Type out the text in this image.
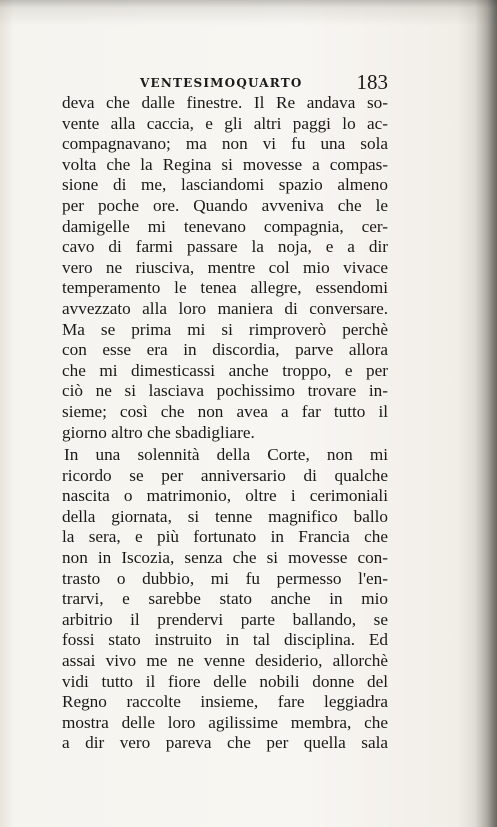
VENTESIMOQUARTO	183
deva che dalle finestre. Il Re andava so-
vente alla caccia, e gli altri paggi lo ac-
compagnavano; ma non vi fu una sola
volta che la Regina si movesse a compas-
sione di me, lasciandomi spazio almeno
per poche ore. Quando avveniva che le
damigelle mi tenevano compagnia, cer-
cavo di farmi passare la noja, e a dir
vero ne riusciva, mentre col mio vivace
temperamento le tenea allegre, essendomi
avvezzato alla loro maniera di conversare.
Ma se prima mi si rimproverò perchè
con esse era in discordia, parve allora
che mi dimesticassi anche troppo, e per
ciò ne si lasciava pochissimo trovare in-
sieme; così che non avea a far tutto il
giorno altro che sbadigliare.
In una solennità della Corte, non mi
ricordo se per anniversario di qualche
nascita o matrimonio, oltre i cerimoniali
della giornata, si tenne magnifico ballo
la sera, e più fortunato in Francia che
non in Iscozia, senza che si movesse con-
trasto o dubbio, mi fu permesso l'en-
trarvi, e sarebbe stato anche in mio
arbitrio il prendervi parte ballando, se
fossi stato instruito in tal disciplina. Ed
assai vivo me ne venne desiderio, allorchè
vidi tutto il fiore delle nobili donne del
Regno raccolte insieme, fare leggiadra
mostra delle loro agilissime membra, che
a dir vero pareva che per quella sala
